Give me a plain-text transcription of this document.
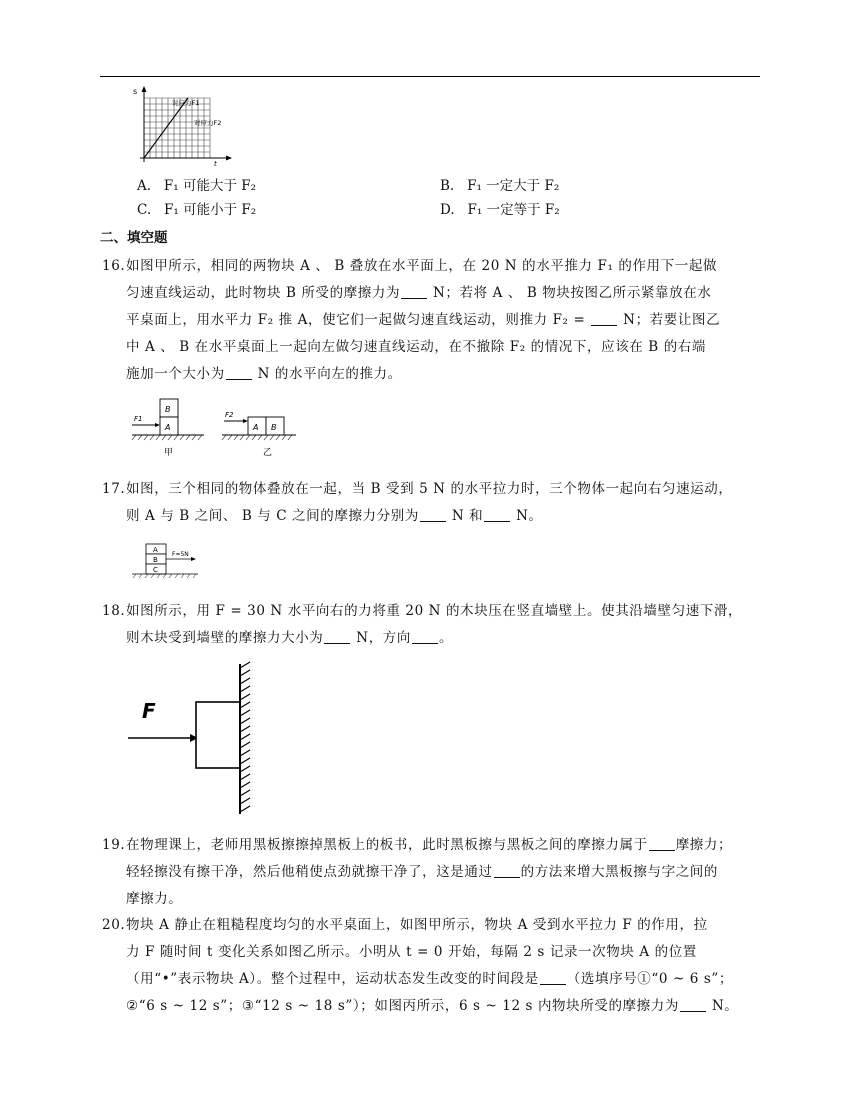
s
t
对应力F1
对应力F2
A. F₁ 可能大于 F₂	B. F₁ 一定大于 F₂
C. F₁ 可能小于 F₂	D. F₁ 一定等于 F₂
二、填空题
16. 如图甲所示，相同的两物块 A 、 B 叠放在水平面上，在 20 N 的水平推力 F₁ 的作用下一起做
匀速直线运动，此时物块 B 所受的摩擦力为 N；若将 A 、 B 物块按图乙所示紧靠放在水
平桌面上，用水平力 F₂ 推 A，使它们一起做匀速直线运动，则推力 F₂ =  N；若要让图乙
中 A 、 B 在水平桌面上一起向左做匀速直线运动，在不撤除 F₂ 的情况下，应该在 B 的右端
施加一个大小为 N 的水平向左的推力。
B
A
F1
甲
A B
F2
乙
17. 如图，三个相同的物体叠放在一起，当 B 受到 5 N 的水平拉力时，三个物体一起向右匀速运动，
则 A 与 B 之间、 B 与 C 之间的摩擦力分别为 N 和 N。
A
B
C
F=5N
18. 如图所示，用 F = 30 N 水平向右的力将重 20 N 的木块压在竖直墙壁上。使其沿墙壁匀速下滑，
则木块受到墙壁的摩擦力大小为 N，方向 。
F
19. 在物理课上，老师用黑板擦擦掉黑板上的板书，此时黑板擦与黑板之间的摩擦力属于 摩擦力；
轻轻擦没有擦干净，然后他稍使点劲就擦干净了，这是通过 的方法来增大黑板擦与字之间的
摩擦力。
20. 物块 A 静止在粗糙程度均匀的水平桌面上，如图甲所示，物块 A 受到水平拉力 F 的作用，拉
力 F 随时间 t 变化关系如图乙所示。小明从 t = 0 开始，每隔 2 s 记录一次物块 A 的位置
（用“•”表示物块 A）。整个过程中，运动状态发生改变的时间段是 （选填序号①“0 ~ 6 s”；
②“6 s ~ 12 s”；③“12 s ~ 18 s”）；如图丙所示，6 s ~ 12 s 内物块所受的摩擦力为 N。
